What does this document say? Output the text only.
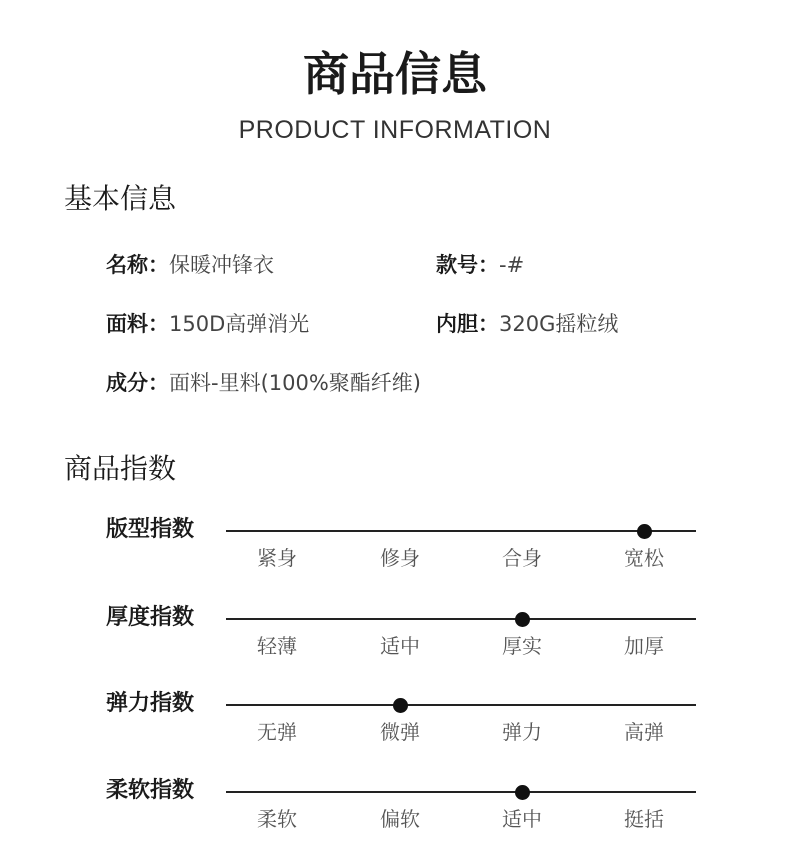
商品信息
PRODUCT INFORMATION
基本信息
名称：保暖冲锋衣	款号：-#
面料：150D高弹消光	内胆：320G摇粒绒
成分：面料-里料(100%聚酯纤维)
商品指数
版型指数
紧身	修身	合身	宽松
厚度指数
轻薄	适中	厚实	加厚
弹力指数
无弹	微弹	弹力	高弹
柔软指数
柔软	偏软	适中	挺括
